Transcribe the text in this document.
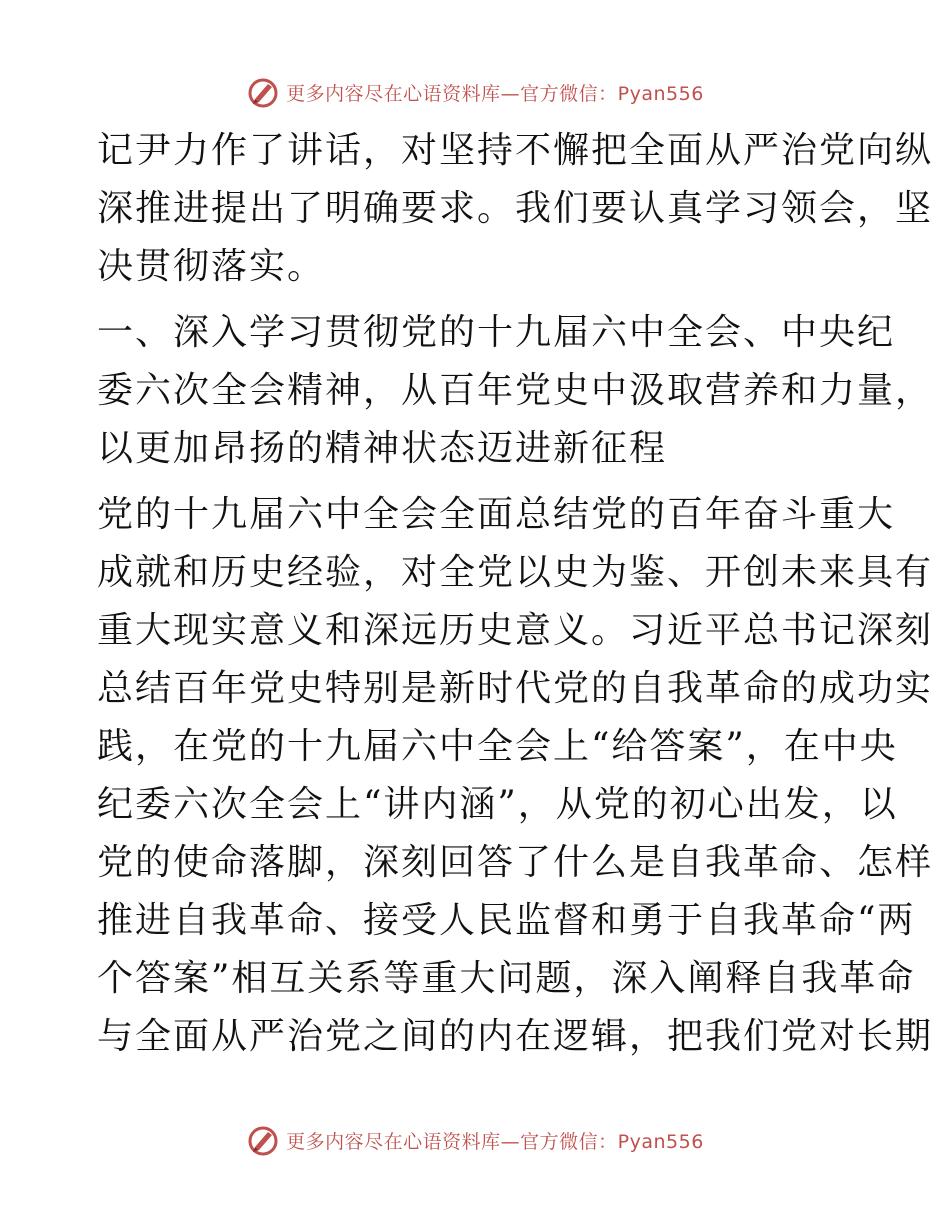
更多内容尽在心语资料库—官方微信：Pyan556

记尹力作了讲话，对坚持不懈把全面从严治党向纵
深推进提出了明确要求。我们要认真学习领会，坚
决贯彻落实。

一、深入学习贯彻党的十九届六中全会、中央纪
委六次全会精神，从百年党史中汲取营养和力量，
以更加昂扬的精神状态迈进新征程

党的十九届六中全会全面总结党的百年奋斗重大
成就和历史经验，对全党以史为鉴、开创未来具有
重大现实意义和深远历史意义。习近平总书记深刻
总结百年党史特别是新时代党的自我革命的成功实
践，在党的十九届六中全会上“给答案”，在中央
纪委六次全会上“讲内涵”，从党的初心出发，以
党的使命落脚，深刻回答了什么是自我革命、怎样
推进自我革命、接受人民监督和勇于自我革命“两
个答案”相互关系等重大问题，深入阐释自我革命
与全面从严治党之间的内在逻辑，把我们党对长期

更多内容尽在心语资料库—官方微信：Pyan556
